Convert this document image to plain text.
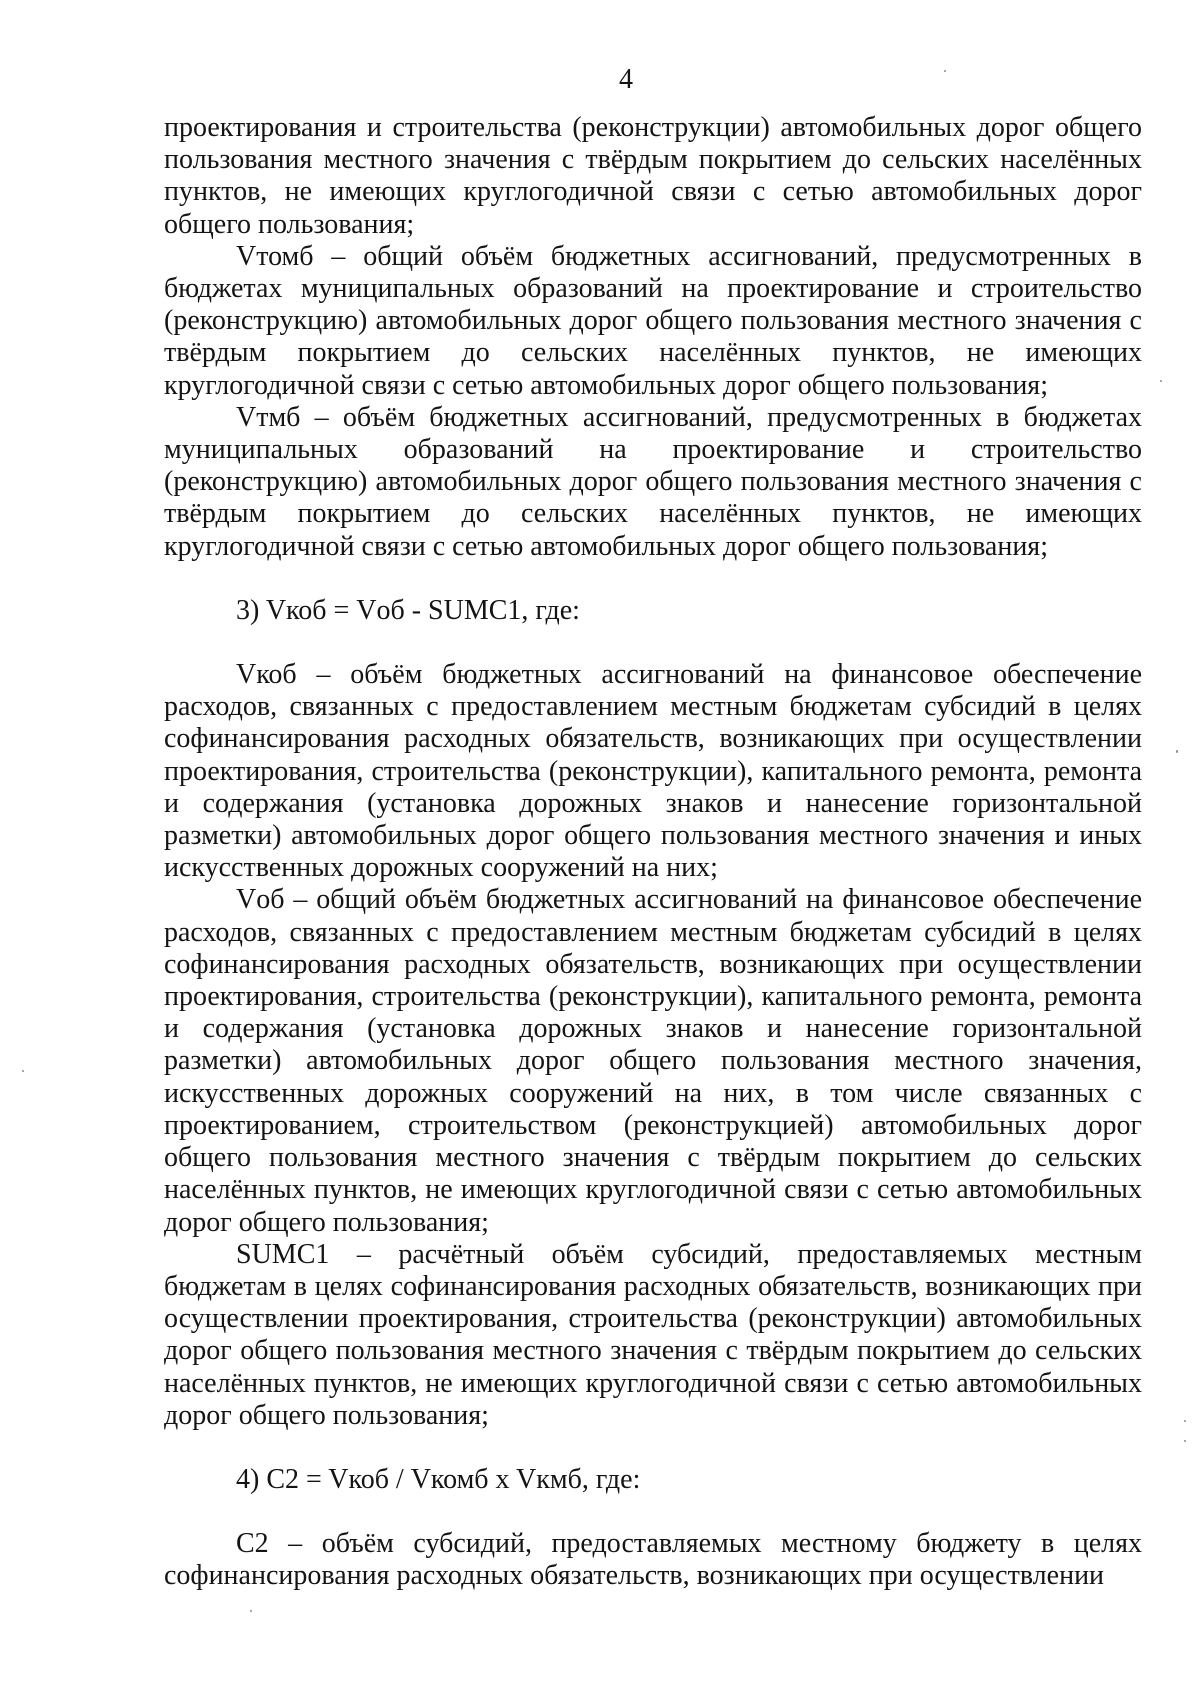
4

проектирования и строительства (реконструкции) автомобильных дорог общего пользования местного значения с твёрдым покрытием до сельских населённых пунктов, не имеющих круглогодичной связи с сетью автомобильных дорог общего пользования;

Vтомб – общий объём бюджетных ассигнований, предусмотренных в бюджетах муниципальных образований на проектирование и строительство (реконструкцию) автомобильных дорог общего пользования местного значения с твёрдым покрытием до сельских населённых пунктов, не имеющих круглогодичной связи с сетью автомобильных дорог общего пользования;

Vтмб – объём бюджетных ассигнований, предусмотренных в бюджетах муниципальных образований на проектирование и строительство (реконструкцию) автомобильных дорог общего пользования местного значения с твёрдым покрытием до сельских населённых пунктов, не имеющих круглогодичной связи с сетью автомобильных дорог общего пользования;

3) Vкоб = Vоб - SUMC1, где:

Vкоб – объём бюджетных ассигнований на финансовое обеспечение расходов, связанных с предоставлением местным бюджетам субсидий в целях софинансирования расходных обязательств, возникающих при осуществлении проектирования, строительства (реконструкции), капитального ремонта, ремонта и содержания (установка дорожных знаков и нанесение горизонтальной разметки) автомобильных дорог общего пользования местного значения и иных искусственных дорожных сооружений на них;

Vоб – общий объём бюджетных ассигнований на финансовое обеспечение расходов, связанных с предоставлением местным бюджетам субсидий в целях софинансирования расходных обязательств, возникающих при осуществлении проектирования, строительства (реконструкции), капитального ремонта, ремонта и содержания (установка дорожных знаков и нанесение горизонтальной разметки) автомобильных дорог общего пользования местного значения, искусственных дорожных сооружений на них, в том числе связанных с проектированием, строительством (реконструкцией) автомобильных дорог общего пользования местного значения с твёрдым покрытием до сельских населённых пунктов, не имеющих круглогодичной связи с сетью автомобильных дорог общего пользования;

SUMC1 – расчётный объём субсидий, предоставляемых местным бюджетам в целях софинансирования расходных обязательств, возникающих при осуществлении проектирования, строительства (реконструкции) автомобильных дорог общего пользования местного значения с твёрдым покрытием до сельских населённых пунктов, не имеющих круглогодичной связи с сетью автомобильных дорог общего пользования;

4) C2 = Vкоб / Vкомб x Vкмб, где:

C2 – объём субсидий, предоставляемых местному бюджету в целях софинансирования расходных обязательств, возникающих при осуществлении
